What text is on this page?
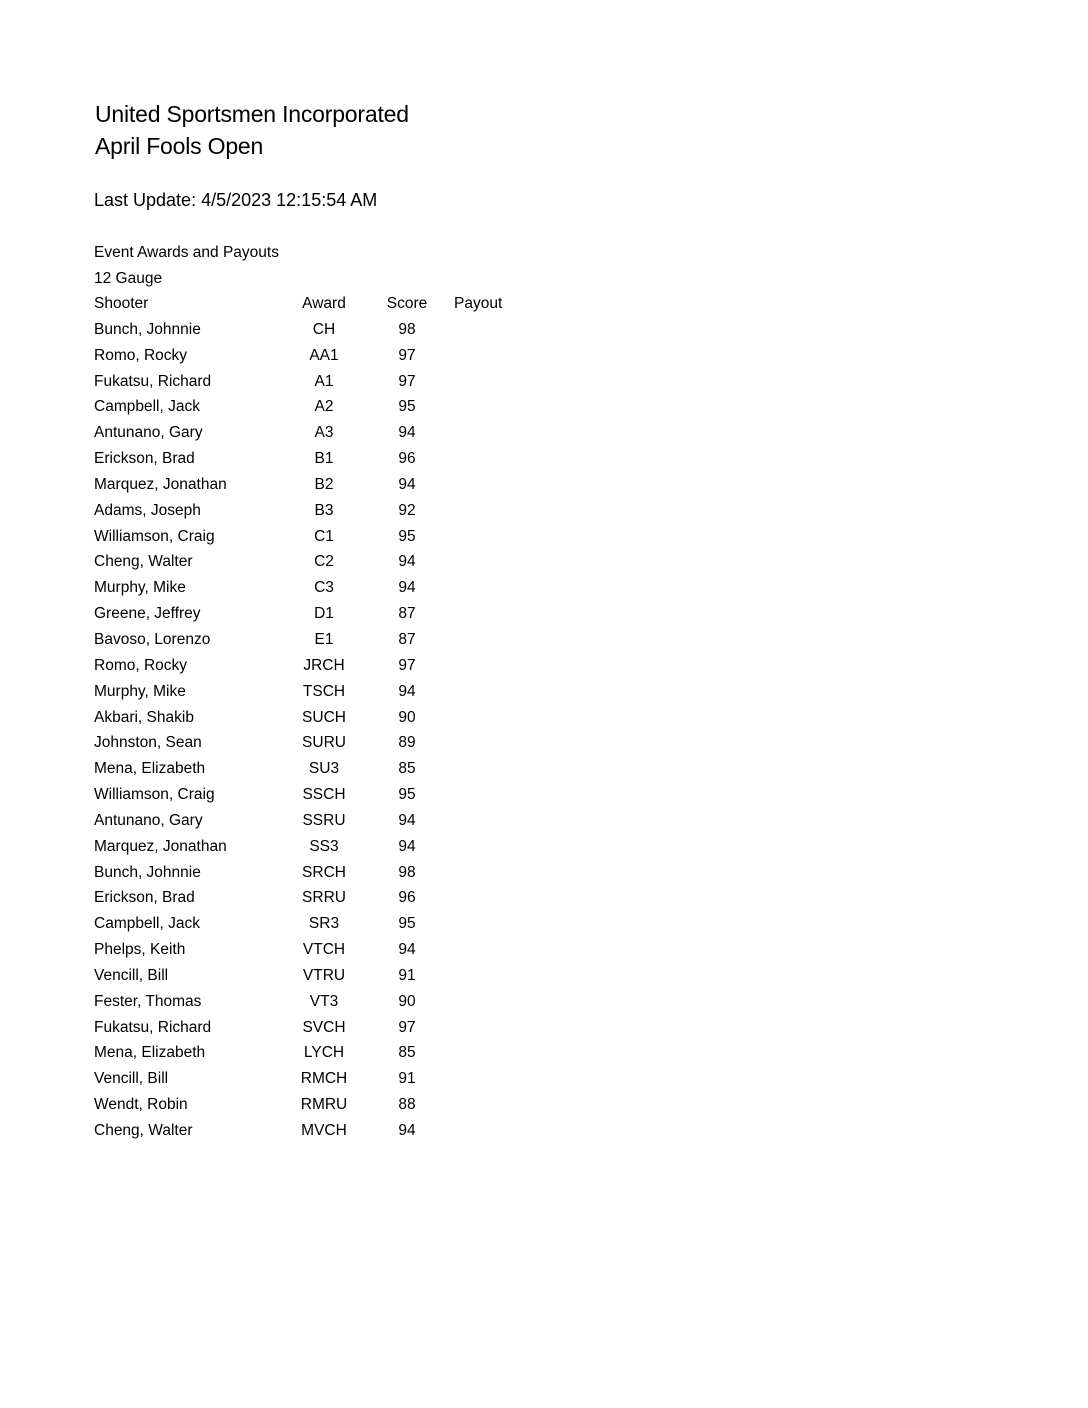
United Sportsmen Incorporated
April Fools Open
Last Update: 4/5/2023 12:15:54 AM
Event Awards and Payouts
12 Gauge
Shooter	Award	Score	Payout
Bunch, Johnnie	CH	98
Romo, Rocky	AA1	97
Fukatsu, Richard	A1	97
Campbell, Jack	A2	95
Antunano, Gary	A3	94
Erickson, Brad	B1	96
Marquez, Jonathan	B2	94
Adams, Joseph	B3	92
Williamson, Craig	C1	95
Cheng, Walter	C2	94
Murphy, Mike	C3	94
Greene, Jeffrey	D1	87
Bavoso, Lorenzo	E1	87
Romo, Rocky	JRCH	97
Murphy, Mike	TSCH	94
Akbari, Shakib	SUCH	90
Johnston, Sean	SURU	89
Mena, Elizabeth	SU3	85
Williamson, Craig	SSCH	95
Antunano, Gary	SSRU	94
Marquez, Jonathan	SS3	94
Bunch, Johnnie	SRCH	98
Erickson, Brad	SRRU	96
Campbell, Jack	SR3	95
Phelps, Keith	VTCH	94
Vencill, Bill	VTRU	91
Fester, Thomas	VT3	90
Fukatsu, Richard	SVCH	97
Mena, Elizabeth	LYCH	85
Vencill, Bill	RMCH	91
Wendt, Robin	RMRU	88
Cheng, Walter	MVCH	94
